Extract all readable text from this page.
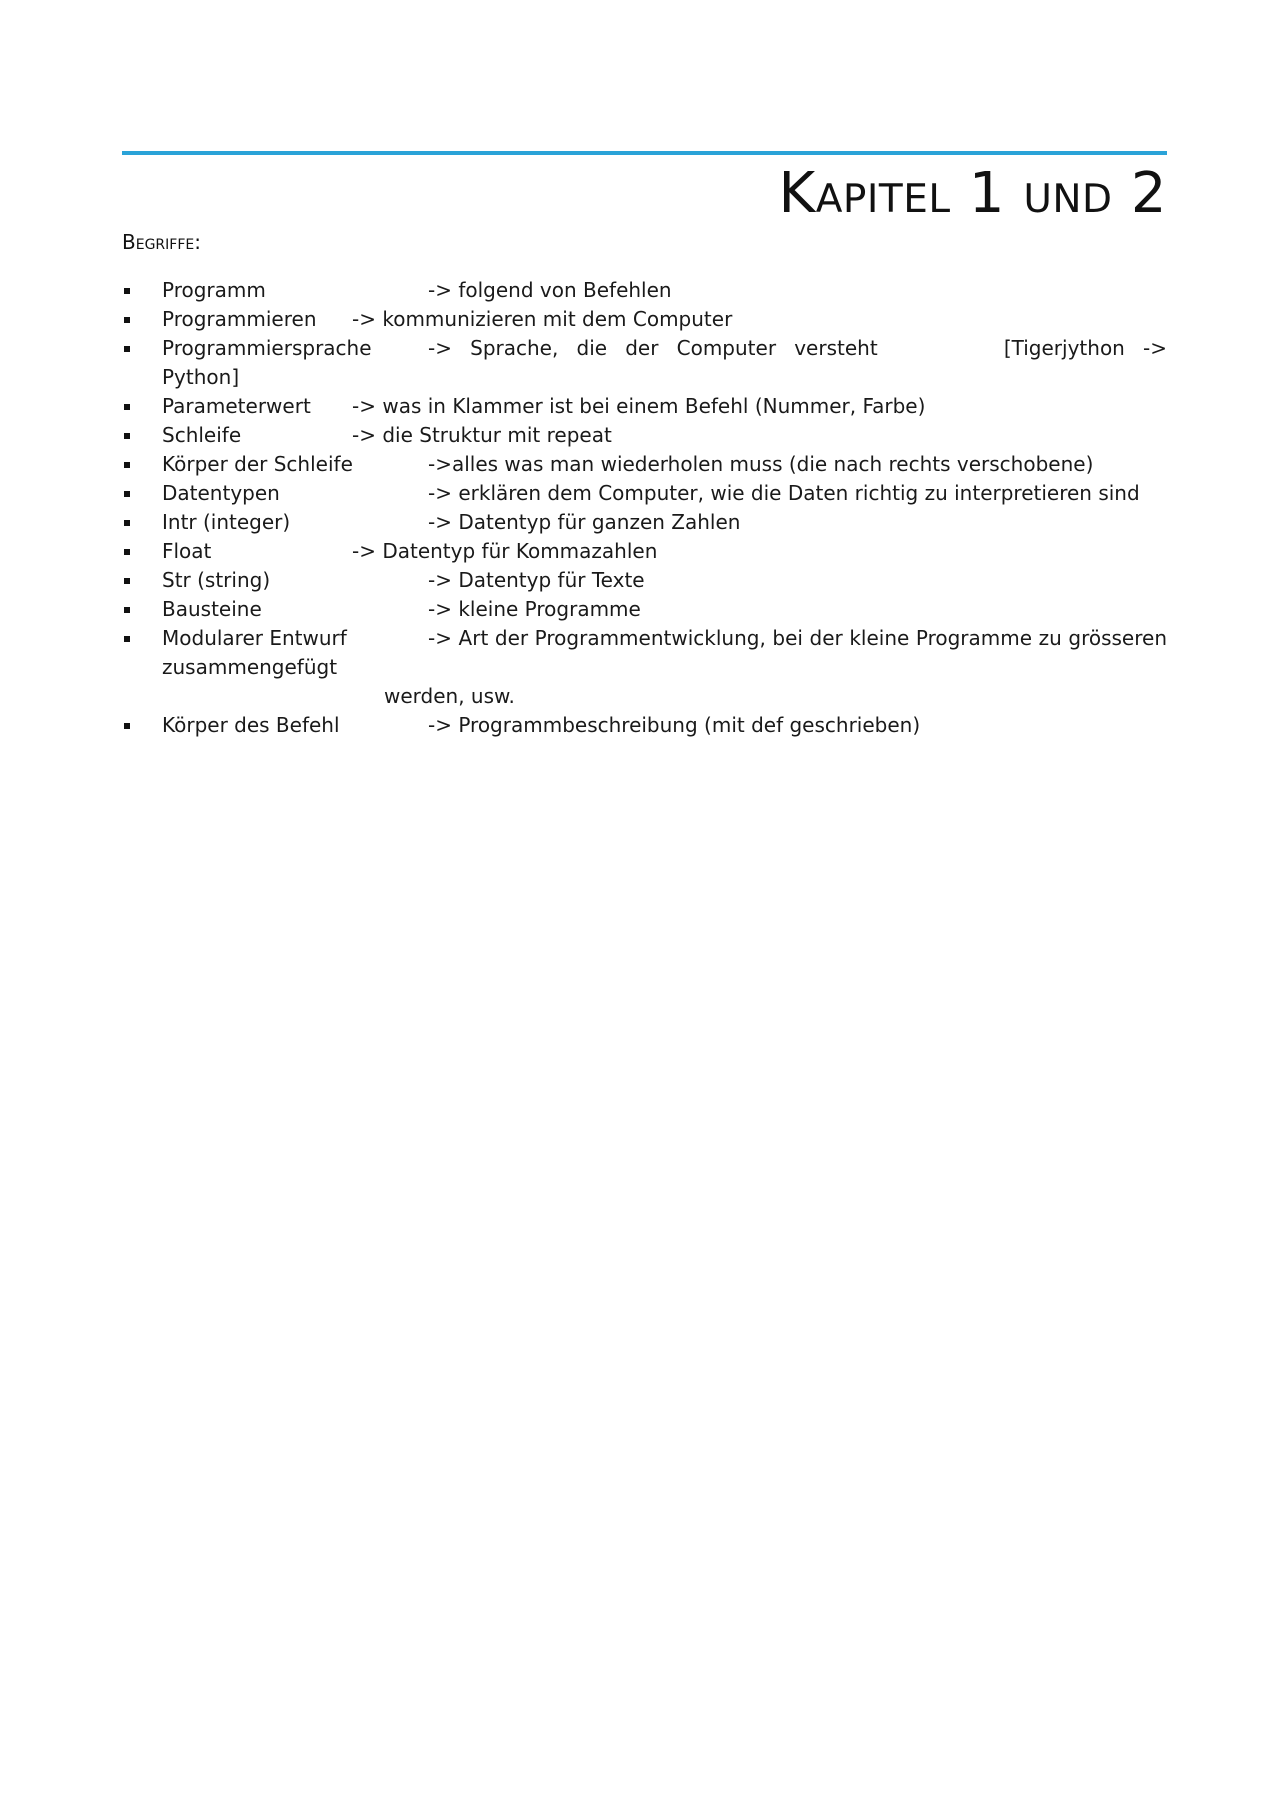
Kapitel 1 und 2
Begriffe:
Programm	-> folgend von Befehlen
Programmieren -> kommunizieren mit dem Computer
Programmiersprache	-> Sprache, die der Computer versteht	[Tigerjython -> Python]
Parameterwert -> was in Klammer ist bei einem Befehl (Nummer, Farbe)
Schleife	-> die Struktur mit repeat
Körper der Schleife	->alles was man wiederholen muss (die nach rechts verschobene)
Datentypen	-> erklären dem Computer, wie die Daten richtig zu interpretieren sind
Intr (integer)	-> Datentyp für ganzen Zahlen
Float	-> Datentyp für Kommazahlen
Str (string)	-> Datentyp für Texte
Bausteine	-> kleine Programme
Modularer Entwurf	-> Art der Programmentwicklung, bei der kleine Programme zu grösseren zusammengefügt
werden, usw.
Körper des Befehl	-> Programmbeschreibung (mit def geschrieben)
